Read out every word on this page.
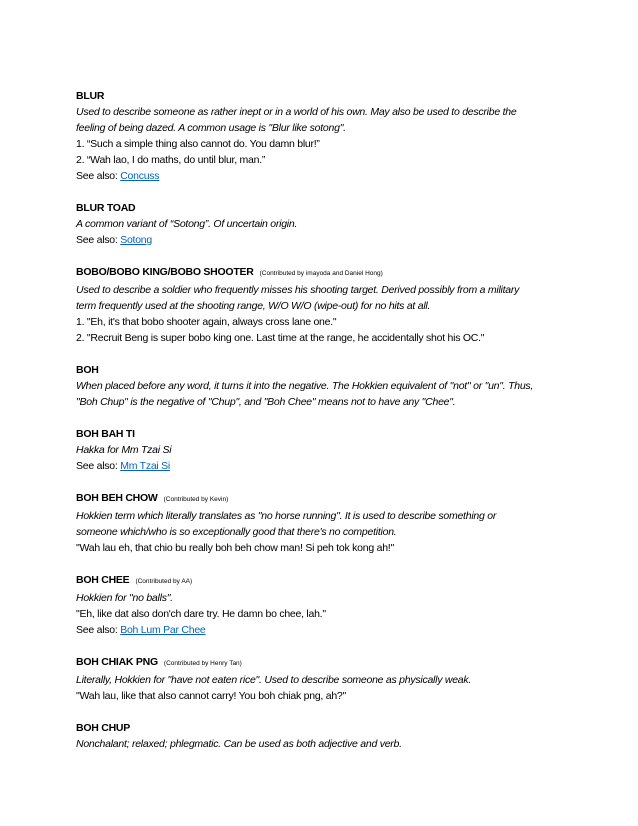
BLUR
Used to describe someone as rather inept or in a world of his own. May also be used to describe the
feeling of being dazed. A common usage is "Blur like sotong".
1. “Such a simple thing also cannot do. You damn blur!”
2. “Wah lao, I do maths, do until blur, man.”
See also: Concuss
BLUR TOAD
A common variant of “Sotong”. Of uncertain origin.
See also: Sotong
BOBO/BOBO KING/BOBO SHOOTER (Contributed by imayoda and Daniel Hong)
Used to describe a soldier who frequently misses his shooting target. Derived possibly from a military
term frequently used at the shooting range, W/O W/O (wipe-out) for no hits at all.
1. "Eh, it's that bobo shooter again, always cross lane one."
2. "Recruit Beng is super bobo king one. Last time at the range, he accidentally shot his OC."
BOH
When placed before any word, it turns it into the negative. The Hokkien equivalent of "not" or "un". Thus,
"Boh Chup" is the negative of "Chup", and "Boh Chee" means not to have any "Chee".
BOH BAH TI
Hakka for Mm Tzai Si
See also: Mm Tzai Si
BOH BEH CHOW (Contributed by Kevin)
Hokkien term which literally translates as "no horse running". It is used to describe something or
someone which/who is so exceptionally good that there's no competition.
"Wah lau eh, that chio bu really boh beh chow man! Si peh tok kong ah!"
BOH CHEE (Contributed by AA)
Hokkien for "no balls".
"Eh, like dat also don'ch dare try. He damn bo chee, lah."
See also: Boh Lum Par Chee
BOH CHIAK PNG (Contributed by Henry Tan)
Literally, Hokkien for "have not eaten rice". Used to describe someone as physically weak.
"Wah lau, like that also cannot carry! You boh chiak png, ah?"
BOH CHUP
Nonchalant; relaxed; phlegmatic. Can be used as both adjective and verb.
